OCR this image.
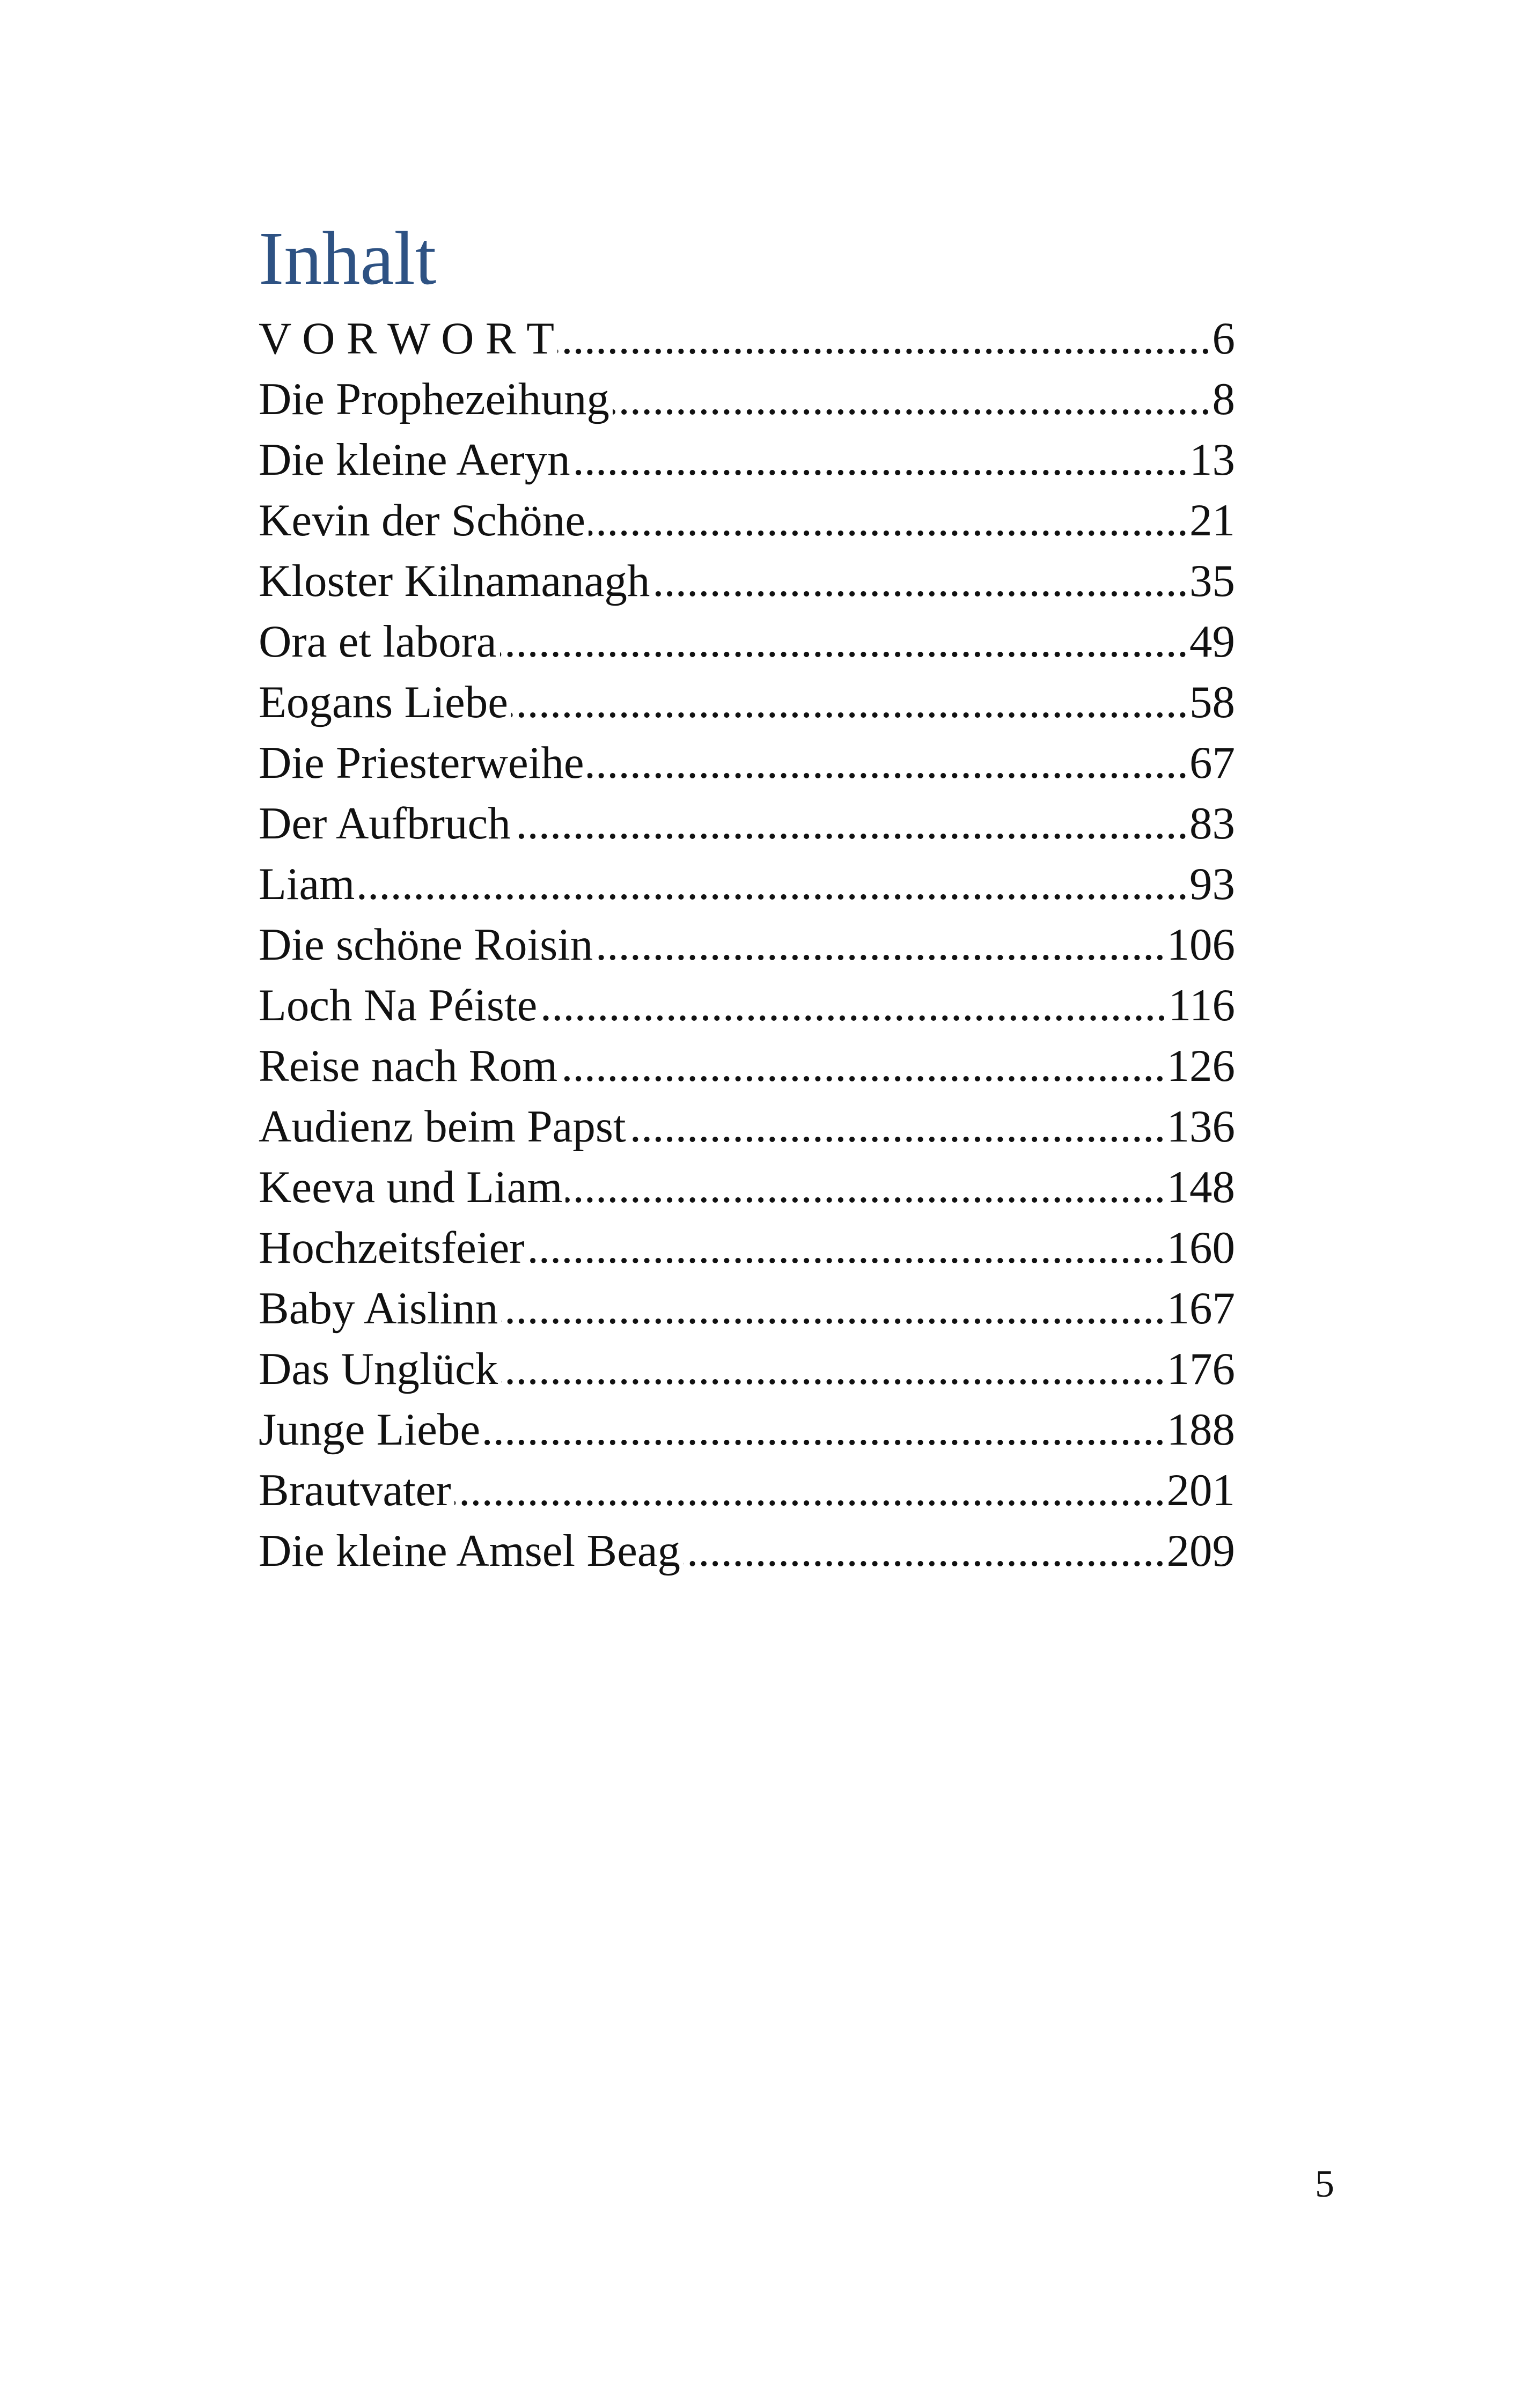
Inhalt
V O R W O R T .....	6
Die Prophezeihung .....	8
Die kleine Aeryn .....	13
Kevin der Schöne .....	21
Kloster Kilnamanagh .....	35
Ora et labora .....	49
Eogans Liebe .....	58
Die Priesterweihe .....	67
Der Aufbruch .....	83
Liam .....	93
Die schöne Roisin .....	106
Loch Na Péiste .....	116
Reise nach Rom .....	126
Audienz beim Papst .....	136
Keeva und Liam .....	148
Hochzeitsfeier .....	160
Baby Aislinn .....	167
Das Unglück .....	176
Junge Liebe .....	188
Brautvater .....	201
Die kleine Amsel Beag .....	209
5
